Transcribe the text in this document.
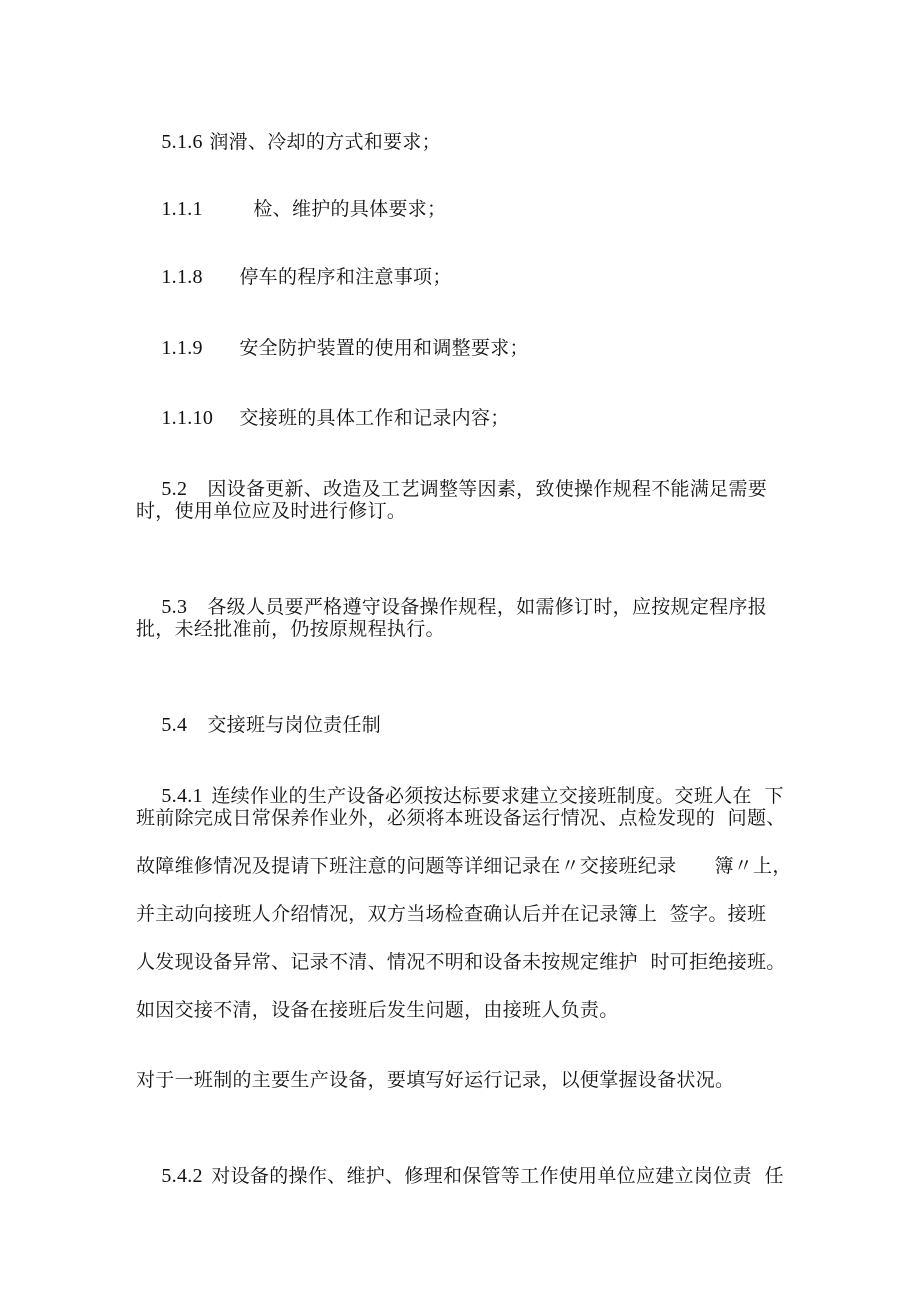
5.1.6 润滑、冷却的方式和要求；

1.1.1	检、维护的具体要求；

1.1.8 停车的程序和注意事项；

1.1.9 安全防护装置的使用和调整要求；

1.1.10 交接班的具体工作和记录内容；

5.2 因设备更新、改造及工艺调整等因素，致使操作规程不能满足需要

时，使用单位应及时进行修订。

5.3 各级人员要严格遵守设备操作规程，如需修订时，应按规定程序报

批，未经批准前，仍按原规程执行。

5.4 交接班与岗位责任制

5.4.1 连续作业的生产设备必须按达标要求建立交接班制度。交班人在  下

班前除完成日常保养作业外，必须将本班设备运行情况、点检发现的  问题、
故障维修情况及提请下班注意的问题等详细记录在〃交接班纪录      簿〃上，
并主动向接班人介绍情况，双方当场检查确认后并在记录簿上  签字。接班
人发现设备异常、记录不清、情况不明和设备未按规定维护  时可拒绝接班。
如因交接不清，设备在接班后发生问题，由接班人负责。
对于一班制的主要生产设备，要填写好运行记录，以便掌握设备状况。

5.4.2 对设备的操作、维护、修理和保管等工作使用单位应建立岗位责  任
